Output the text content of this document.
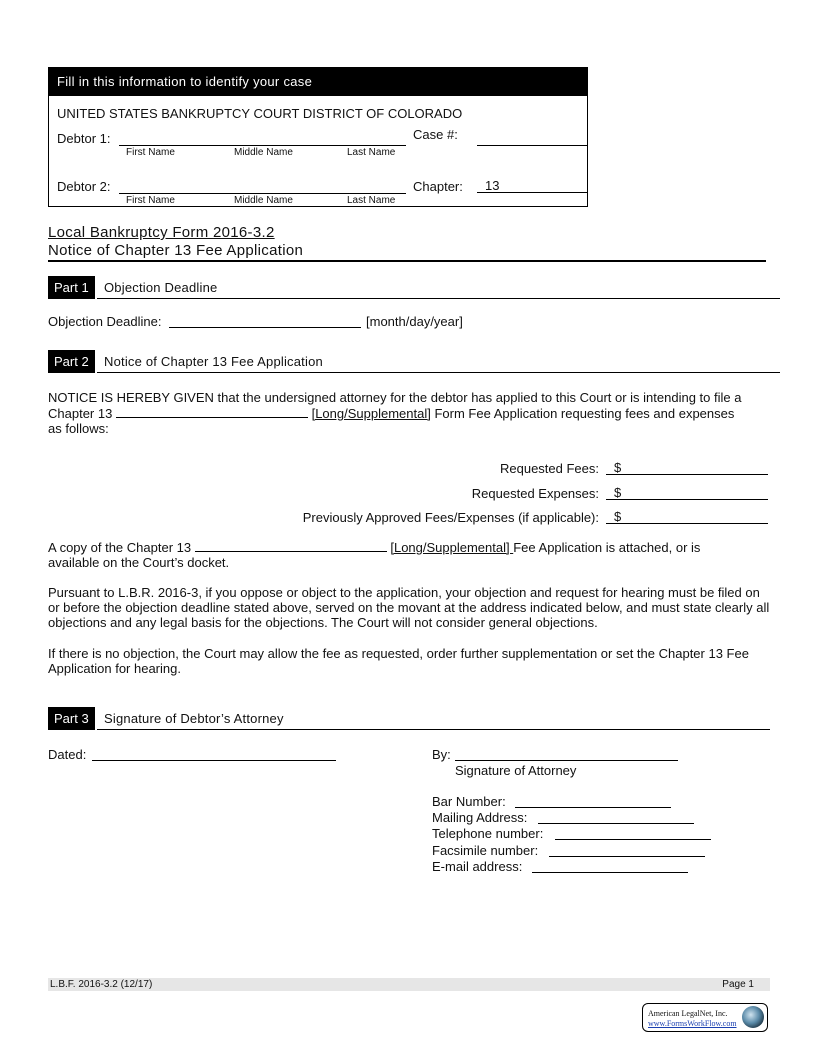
Fill in this information to identify your case
UNITED STATES BANKRUPTCY COURT DISTRICT OF COLORADO
Debtor 1:
First Name	Middle Name	Last Name
Case #:
Debtor 2:
First Name	Middle Name	Last Name
Chapter:	13
Local Bankruptcy Form 2016-3.2
Notice of Chapter 13 Fee Application
Part 1	Objection Deadline
Objection Deadline:	[month/day/year]
Part 2	Notice of Chapter 13 Fee Application
NOTICE IS HEREBY GIVEN that the undersigned attorney for the debtor has applied to this Court or is intending to file a
Chapter 13	[Long/Supplemental] Form Fee Application requesting fees and expenses
as follows:
Requested Fees:	$
Requested Expenses:	$
Previously Approved Fees/Expenses (if applicable):	$
A copy of the Chapter 13	[Long/Supplemental] Fee Application is attached, or is
available on the Court’s docket.
Pursuant to L.B.R. 2016-3, if you oppose or object to the application, your objection and request for hearing must be filed on or before the objection deadline stated above, served on the movant at the address indicated below, and must state clearly all objections and any legal basis for the objections. The Court will not consider general objections.
If there is no objection, the Court may allow the fee as requested, order further supplementation or set the Chapter 13 Fee Application for hearing.
Part 3	Signature of Debtor’s Attorney
Dated:	By:
Signature of Attorney
Bar Number:
Mailing Address:
Telephone number:
Facsimile number:
E-mail address:
L.B.F. 2016-3.2 (12/17)	Page 1
American LegalNet, Inc.
www.FormsWorkFlow.com
